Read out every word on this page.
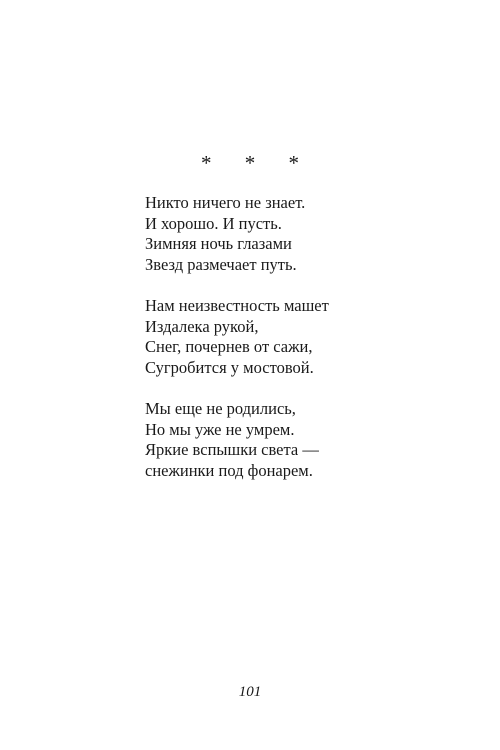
* * *
Никто ничего не знает.
И хорошо. И пусть.
Зимняя ночь глазами
Звезд размечает путь.
Нам неизвестность машет
Издалека рукой,
Снег, почернев от сажи,
Сугробится у мостовой.
Мы еще не родились,
Но мы уже не умрем.
Яркие вспышки света —
снежинки под фонарем.
101
